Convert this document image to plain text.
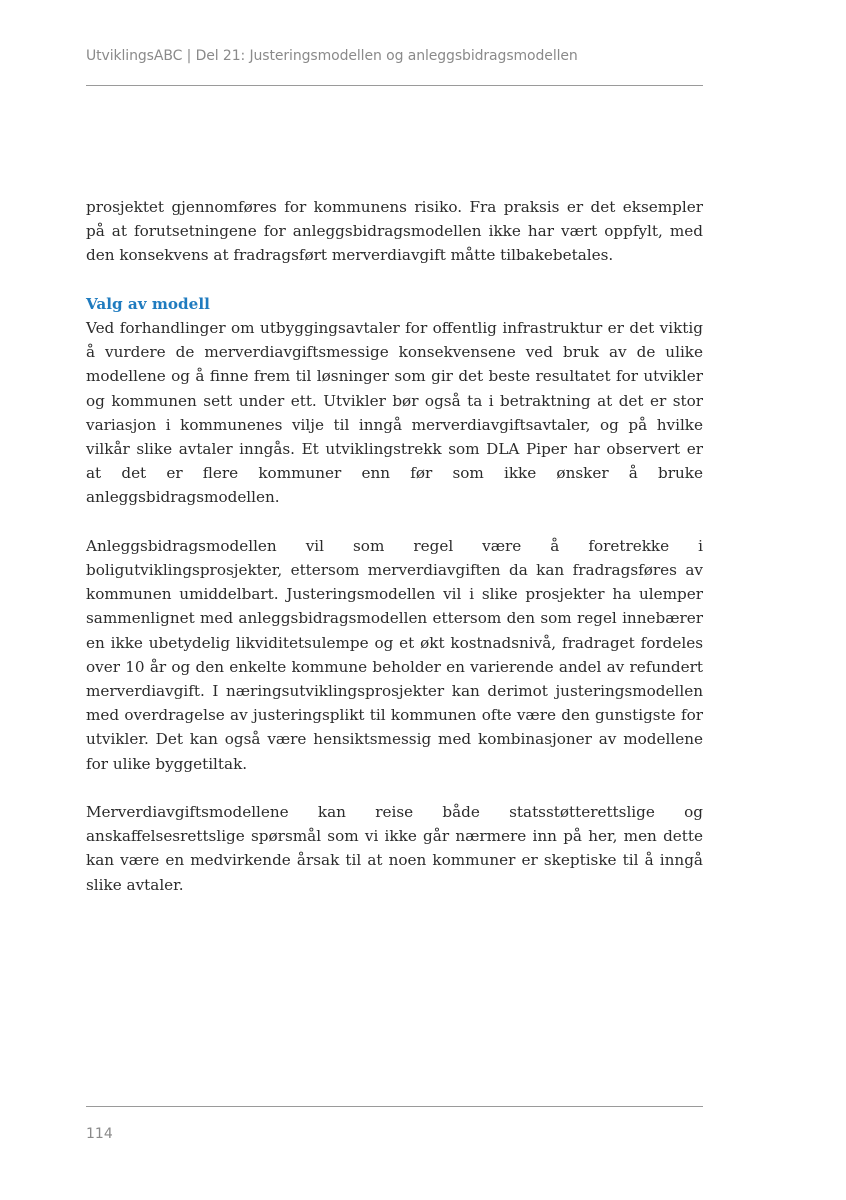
UtviklingsABC | Del 21: Justeringsmodellen og anleggsbidragsmodellen

prosjektet gjennomføres for kommunens risiko. Fra praksis er det eksempler på at forutsetningene for anleggsbidragsmodellen ikke har vært oppfylt, med den konsekvens at fradragsført merverdiavgift måtte tilbakebetales.

Valg av modell

Ved forhandlinger om utbyggingsavtaler for offentlig infrastruktur er det viktig å vurdere de merverdiavgiftsmessige konsekvensene ved bruk av de ulike modellene og å finne frem til løsninger som gir det beste resultatet for utvikler og kommunen sett under ett. Utvikler bør også ta i betraktning at det er stor variasjon i kommunenes vilje til inngå merverdiavgiftsavtaler, og på hvilke vilkår slike avtaler inngås. Et utviklingstrekk som DLA Piper har observert er at det er flere kommuner enn før som ikke ønsker å bruke anleggsbidragsmodellen.

Anleggsbidragsmodellen vil som regel være å foretrekke i boligutviklingsprosjekter, ettersom merverdiavgiften da kan fradragsføres av kommunen umiddelbart. Justeringsmodellen vil i slike prosjekter ha ulemper sammenlignet med anleggsbidragsmodellen ettersom den som regel innebærer en ikke ubetydelig likviditetsulempe og et økt kostnadsnivå, fradraget fordeles over 10 år og den enkelte kommune beholder en varierende andel av refundert merverdiavgift. I næringsutviklingsprosjekter kan derimot justeringsmodellen med overdragelse av justeringsplikt til kommunen ofte være den gunstigste for utvikler. Det kan også være hensiktsmessig med kombinasjoner av modellene for ulike byggetiltak.

Merverdiavgiftsmodellene kan reise både statsstøtterettslige og anskaffelsesrettslige spørsmål som vi ikke går nærmere inn på her, men dette kan være en medvirkende årsak til at noen kommuner er skeptiske til å inngå slike avtaler.

114
